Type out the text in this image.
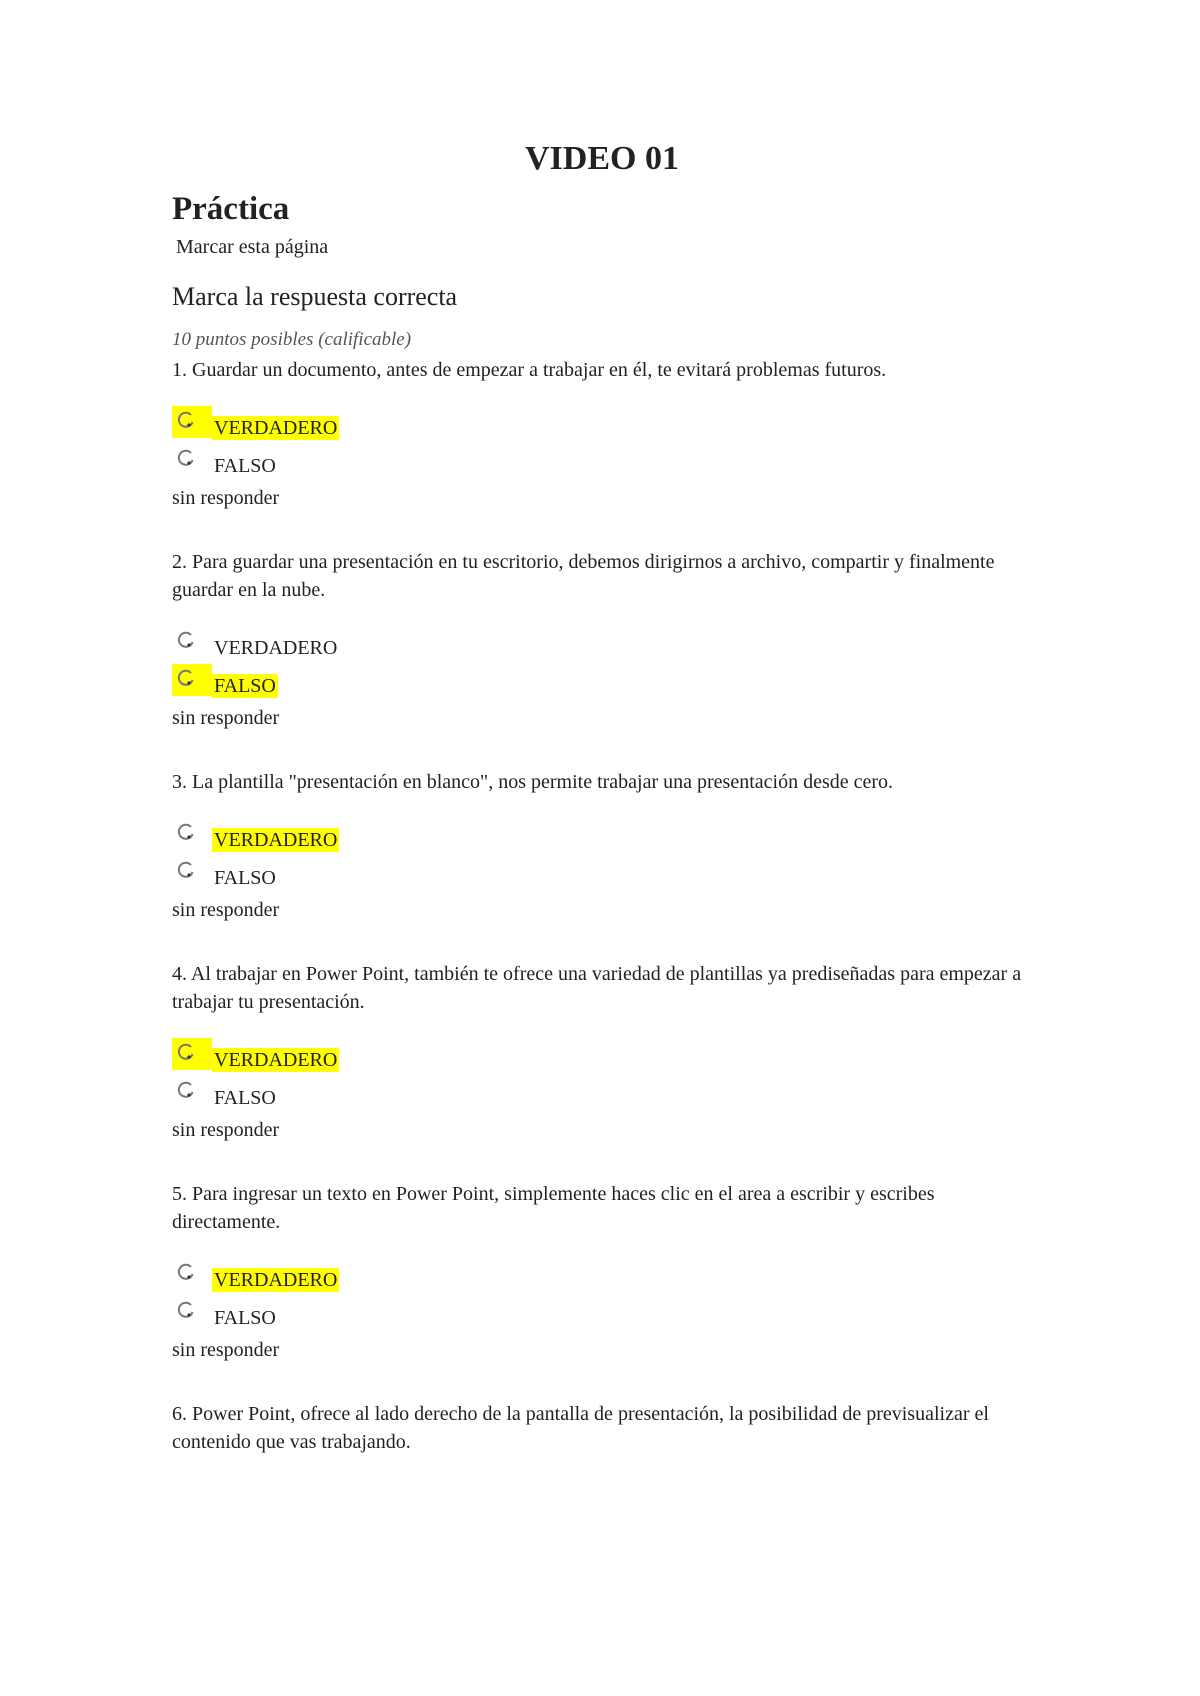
VIDEO 01
Práctica
Marcar esta página
Marca la respuesta correcta
10 puntos posibles (calificable)
1. Guardar un documento, antes de empezar a trabajar en él, te evitará problemas futuros.
VERDADERO
FALSO
sin responder
2. Para guardar una presentación en tu escritorio, debemos dirigirnos a archivo, compartir y finalmente guardar en la nube.
VERDADERO
FALSO
sin responder
3. La plantilla "presentación en blanco", nos permite trabajar una presentación desde cero.
VERDADERO
FALSO
sin responder
4. Al trabajar en Power Point, también te ofrece una variedad de plantillas ya prediseñadas para empezar a trabajar tu presentación.
VERDADERO
FALSO
sin responder
5. Para ingresar un texto en Power Point, simplemente haces clic en el area a escribir y escribes directamente.
VERDADERO
FALSO
sin responder
6. Power Point, ofrece al lado derecho de la pantalla de presentación, la posibilidad de previsualizar el contenido que vas trabajando.
